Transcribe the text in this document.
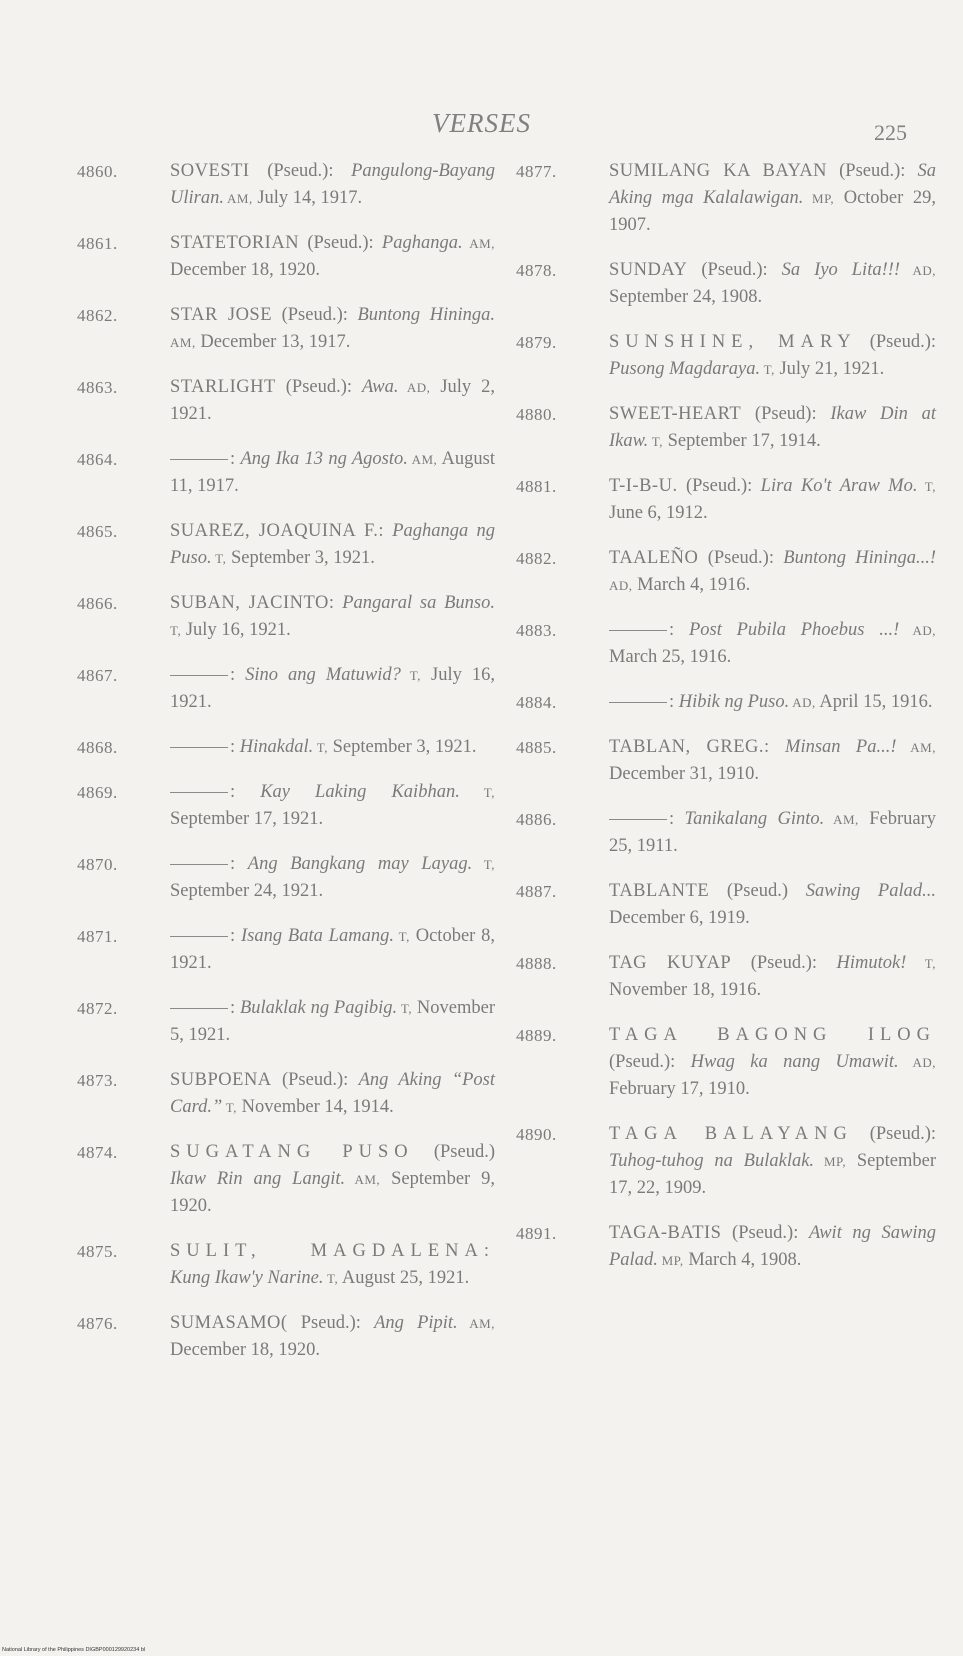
VERSES	225
4860.	SOVESTI (Pseud.): Pangulong-Bayang Uliran. AM, July 14, 1917.
4861.	STATETORIAN (Pseud.): Paghanga. AM, December 18, 1920.
4862.	STAR JOSE (Pseud.): Buntong Hininga. AM, December 13, 1917.
4863.	STARLIGHT (Pseud.): Awa. AD, July 2, 1921.
4864.	: Ang Ika 13 ng Agosto. AM, August 11, 1917.
4865.	SUAREZ, JOAQUINA F.: Paghanga ng Puso. T, September 3, 1921.
4866.	SUBAN, JACINTO: Pangaral sa Bunso. T, July 16, 1921.
4867.	: Sino ang Matuwid? T, July 16, 1921.
4868.	: Hinakdal. T, September 3, 1921.
4869.	: Kay Laking Kaibhan. T, September 17, 1921.
4870.	: Ang Bangkang may Layag. T, September 24, 1921.
4871.	: Isang Bata Lamang. T, October 8, 1921.
4872.	: Bulaklak ng Pagibig. T, November 5, 1921.
4873.	SUBPOENA (Pseud.): Ang Aking “Post Card.” T, November 14, 1914.
4874.	SUGATANG PUSO (Pseud.) Ikaw Rin ang Langit. AM, September 9, 1920.
4875.	SULIT, MAGDALENA: Kung Ikaw'y Narine. T, August 25, 1921.
4876.	SUMASAMO( Pseud.): Ang Pipit. AM, December 18, 1920.
4877.	SUMILANG KA BAYAN (Pseud.): Sa Aking mga Kalalawigan. MP, October 29, 1907.
4878.	SUNDAY (Pseud.): Sa Iyo Lita!!! AD, September 24, 1908.
4879.	SUNSHINE, MARY (Pseud.): Pusong Magdaraya. T, July 21, 1921.
4880.	SWEET-HEART (Pseud): Ikaw Din at Ikaw. T, September 17, 1914.
4881.	T-I-B-U. (Pseud.): Lira Ko't Araw Mo. T, June 6, 1912.
4882.	TAALEÑO (Pseud.): Buntong Hininga...! AD, March 4, 1916.
4883.	: Post Pubila Phoebus ...! AD, March 25, 1916.
4884.	: Hibik ng Puso. AD, April 15, 1916.
4885.	TABLAN, GREG.: Minsan Pa...! AM, December 31, 1910.
4886.	: Tanikalang Ginto. AM, February 25, 1911.
4887.	TABLANTE (Pseud.) Sawing Palad... December 6, 1919.
4888.	TAG KUYAP (Pseud.): Himutok! T, November 18, 1916.
4889.	TAGA BAGONG ILOG (Pseud.): Hwag ka nang Umawit. AD, February 17, 1910.
4890.	TAGA BALAYANG (Pseud.): Tuhog-tuhog na Bulaklak. MP, September 17, 22, 1909.
4891.	TAGA-BATIS (Pseud.): Awit ng Sawing Palad. MP, March 4, 1908.
National Library of the Philippines DIGBP000129920234 bl
